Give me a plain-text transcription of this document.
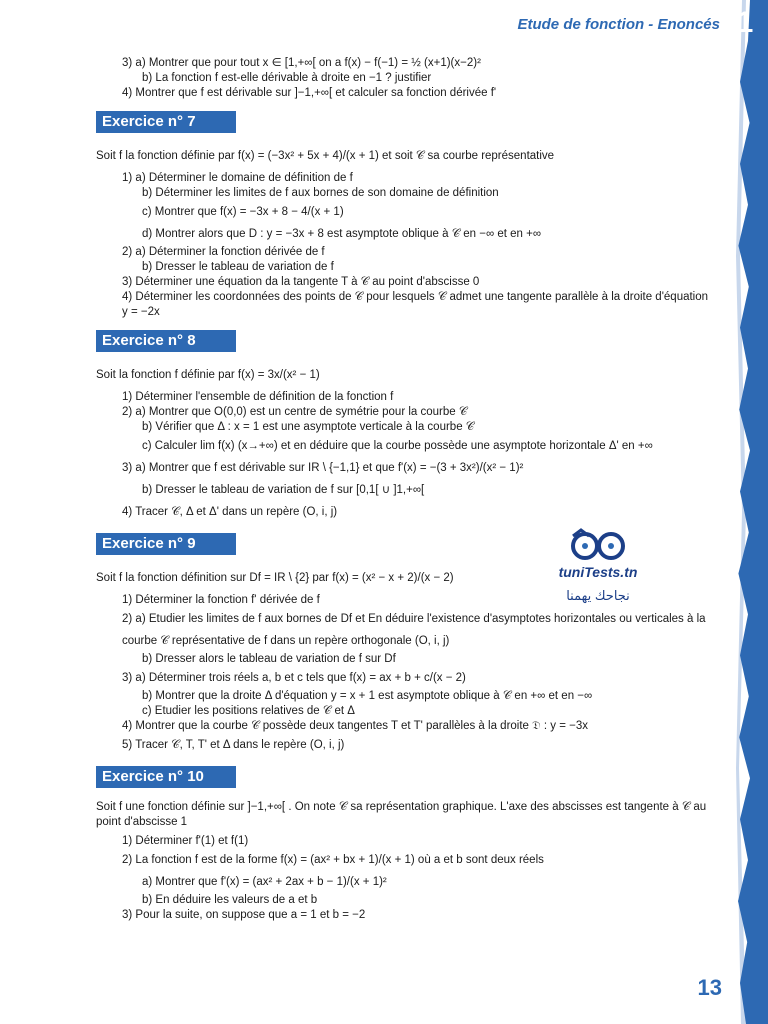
Etude de fonction - Enoncés 1

3) a) Montrer que pour tout x ∈ [1,+∞[ on a f(x) − f(−1) = ½ (x+1)(x−2)²

b) La fonction f est-elle dérivable à droite en −1 ? justifier

4) Montrer que f est dérivable sur ]−1,+∞[ et calculer sa fonction dérivée f'

Exercice n° 7

Soit f la fonction définie par f(x) = (−3x² + 5x + 4)/(x + 1) et soit 𝒞 sa courbe représentative

1) a) Déterminer le domaine de définition de f

b) Déterminer les limites de f aux bornes de son domaine de définition

c) Montrer que f(x) = −3x + 8 − 4/(x + 1)

d) Montrer alors que D : y = −3x + 8 est asymptote oblique à 𝒞 en −∞ et en +∞

2) a) Déterminer la fonction dérivée de f

b) Dresser le tableau de variation de f

3) Déterminer une équation da la tangente T à 𝒞 au point d'abscisse 0

4) Déterminer les coordonnées des points de 𝒞 pour lesquels 𝒞 admet une tangente parallèle à la droite d'équation y = −2x

Exercice n° 8

Soit la fonction f définie par f(x) = 3x/(x² − 1)

1) Déterminer l'ensemble de définition de la fonction f

2) a) Montrer que O(0,0) est un centre de symétrie pour la courbe 𝒞

b) Vérifier que Δ : x = 1 est une asymptote verticale à la courbe 𝒞

c) Calculer lim f(x) (x→+∞) et en déduire que la courbe possède une asymptote horizontale Δ' en +∞

3) a) Montrer que f est dérivable sur IR \ {−1,1} et que f'(x) = −(3 + 3x²)/(x² − 1)²

b) Dresser le tableau de variation de f sur [0,1[ ∪ ]1,+∞[

4) Tracer 𝒞, Δ et Δ' dans un repère (O, i, j)

Exercice n° 9

Soit f la fonction définition sur Df = IR \ {2} par f(x) = (x² − x + 2)/(x − 2)

1) Déterminer la fonction f' dérivée de f

2) a) Etudier les limites de f aux bornes de Df et En déduire l'existence d'asymptotes horizontales ou verticales à la courbe 𝒞 représentative de f dans un repère orthogonale (O, i, j)

b) Dresser alors le tableau de variation de f sur Df

3) a) Déterminer trois réels a, b et c tels que f(x) = ax + b + c/(x − 2)

b) Montrer que la droite Δ d'équation y = x + 1 est asymptote oblique à 𝒞 en +∞ et en −∞

c) Etudier les positions relatives de 𝒞 et Δ

4) Montrer que la courbe 𝒞 possède deux tangentes T et T' parallèles à la droite 𝔇 : y = −3x

5) Tracer 𝒞, T, T' et Δ dans le repère (O, i, j)

Exercice n° 10

Soit f une fonction définie sur ]−1,+∞[ . On note 𝒞 sa représentation graphique. L'axe des abscisses est tangente à 𝒞 au point d'abscisse 1

1) Déterminer f'(1) et f(1)

2) La fonction f est de la forme f(x) = (ax² + bx + 1)/(x + 1) où a et b sont deux réels

a) Montrer que f'(x) = (ax² + 2ax + b − 1)/(x + 1)²

b) En déduire les valeurs de a et b

3) Pour la suite, on suppose que a = 1 et b = −2

tuniTests.tn
نجاحك يهمنا
13
